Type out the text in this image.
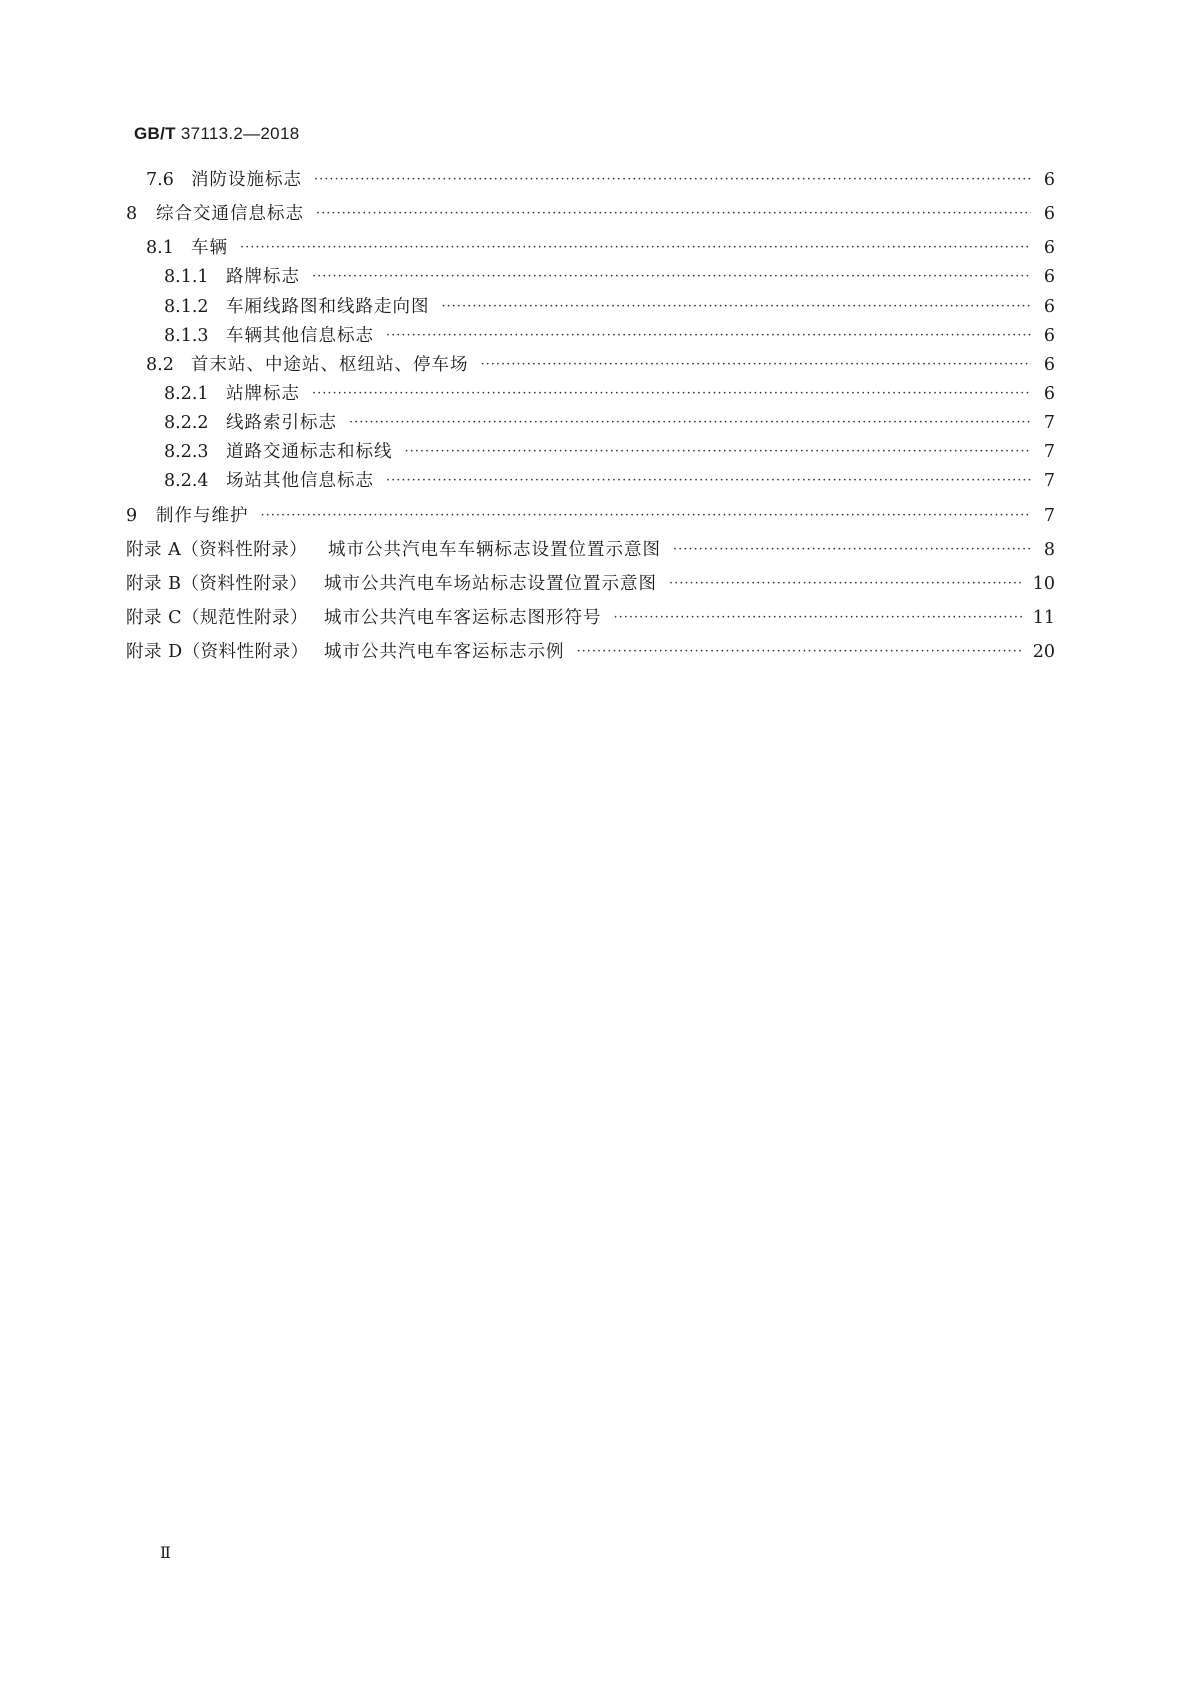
GB/T 37113.2—2018
7.6 消防设施标志 ·····	6
8	综合交通信息标志 ·····	6
8.1 车辆 ·····	6
8.1.1 路牌标志 ·····	6
8.1.2 车厢线路图和线路走向图 ·····	6
8.1.3 车辆其他信息标志 ·····	6
8.2 首末站、中途站、枢纽站、停车场 ·····	6
8.2.1 站牌标志 ·····	6
8.2.2 线路索引标志 ·····	7
8.2.3 道路交通标志和标线 ·····	7
8.2.4 场站其他信息标志 ·····	7
9	制作与维护 ·····	7
附录 A（资料性附录）	城市公共汽电车车辆标志设置位置示意图 ·····	8
附录 B（资料性附录） 城市公共汽电车场站标志设置位置示意图 ·····	10
附录 C（规范性附录） 城市公共汽电车客运标志图形符号 ·····	11
附录 D（资料性附录） 城市公共汽电车客运标志示例 ·····	20
Ⅱ
